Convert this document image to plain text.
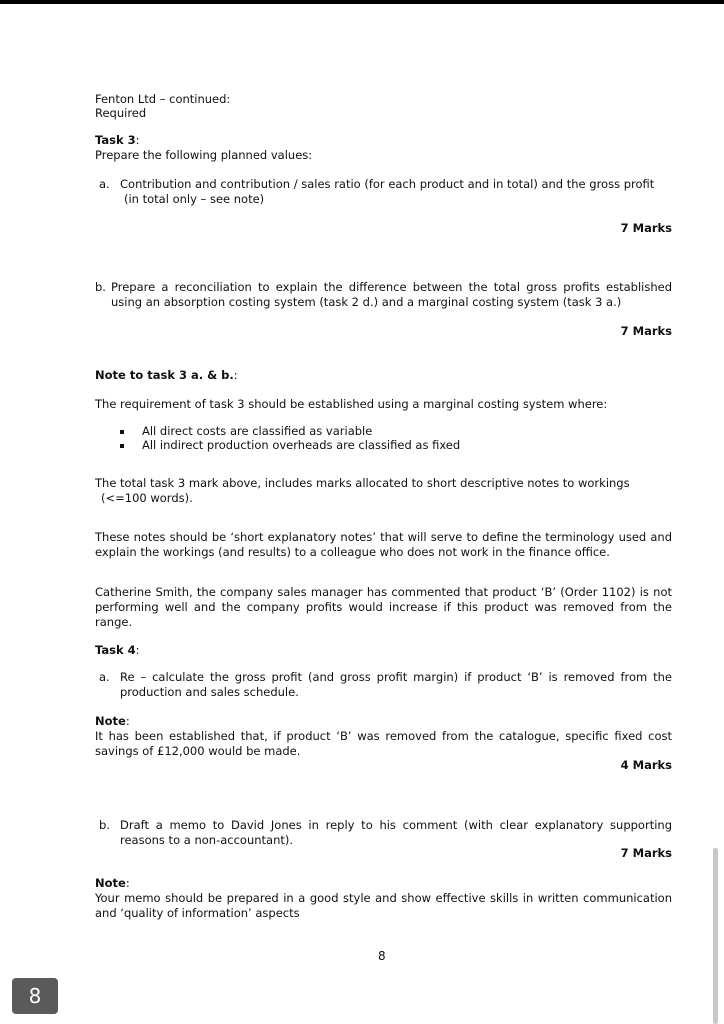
Fenton Ltd – continued:
Required
Task 3:
Prepare the following planned values:
a. Contribution and contribution / sales ratio (for each product and in total) and the gross profit
(in total only – see note)
7 Marks
b. Prepare a reconciliation to explain the difference between the total gross profits established using an absorption costing system (task 2 d.) and a marginal costing system (task 3 a.)
7 Marks
Note to task 3 a. & b.:
The requirement of task 3 should be established using a marginal costing system where:
All direct costs are classified as variable
All indirect production overheads are classified as fixed
The total task 3 mark above, includes marks allocated to short descriptive notes to workings
(<=100 words).
These notes should be ‘short explanatory notes’ that will serve to define the terminology used and explain the workings (and results) to a colleague who does not work in the finance office.
Catherine Smith, the company sales manager has commented that product ‘B’ (Order 1102) is not performing well and the company profits would increase if this product was removed from the range.
Task 4:
a. Re – calculate the gross profit (and gross profit margin) if product ‘B’ is removed from the production and sales schedule.
Note:
It has been established that, if product ‘B’ was removed from the catalogue, specific fixed cost savings of £12,000 would be made.
4 Marks
b. Draft a memo to David Jones in reply to his comment (with clear explanatory supporting reasons to a non-accountant).
7 Marks
Note:
Your memo should be prepared in a good style and show effective skills in written communication and ‘quality of information’ aspects
8
8
